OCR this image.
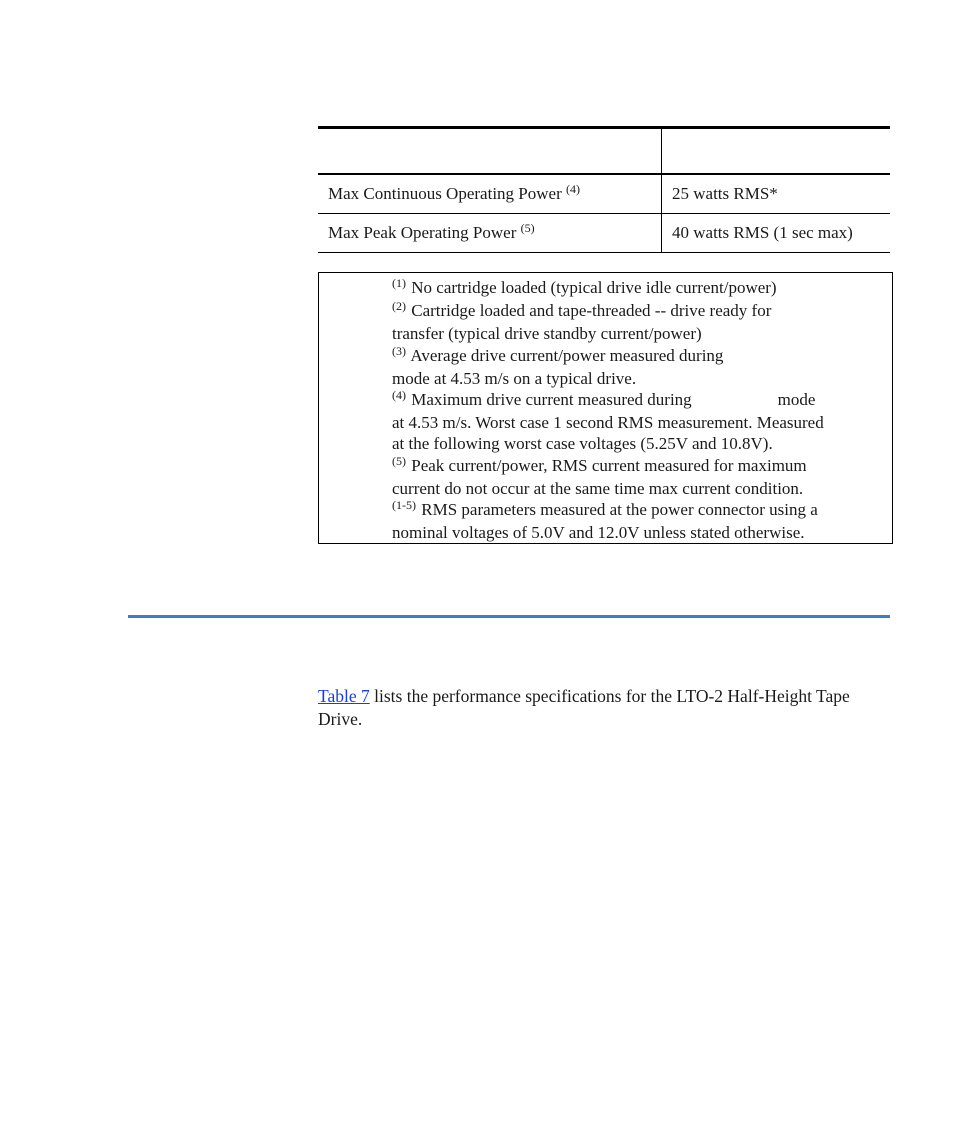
Max Continuous Operating Power $^{(4)}$	25 watts RMS*
Max Peak Operating Power $^{(5)}$	40 watts RMS (1 sec max)

$^{(1)}$ No cartridge loaded (typical drive idle current/power)

$^{(2)}$ Cartridge loaded and tape-threaded -- drive ready for
transfer (typical drive standby current/power)

$^{(3)}$ Average drive current/power measured during
mode at 4.53 m/s on a typical drive.

$^{(4)}$ Maximum drive current measured during	mode
at 4.53 m/s. Worst case 1 second RMS measurement. Measured
at the following worst case voltages (5.25V and 10.8V).

$^{(5)}$ Peak current/power, RMS current measured for maximum
current do not occur at the same time max current condition.

$^{(1-5)}$ RMS parameters measured at the power connector using a
nominal voltages of 5.0V and 12.0V unless stated otherwise.

Table 7 lists the performance specifications for the LTO-2 Half-Height Tape Drive.
